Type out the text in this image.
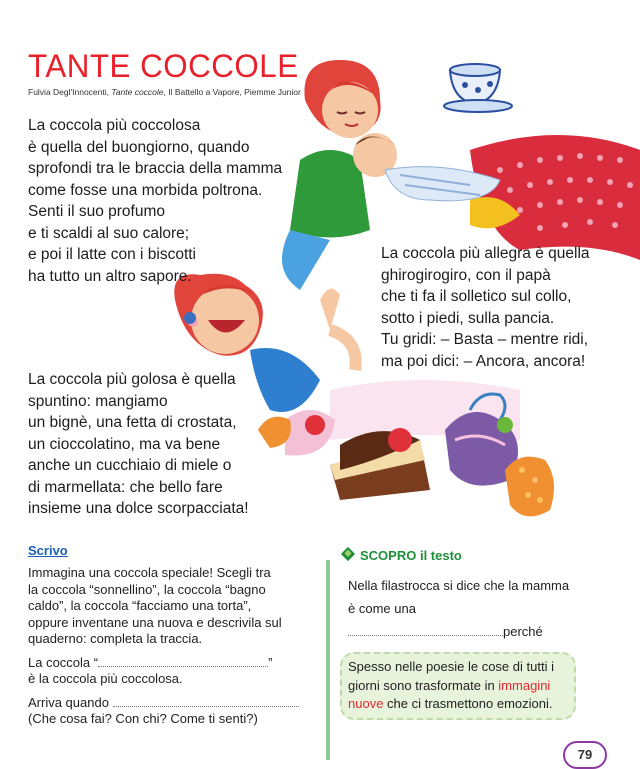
TANTE COCCOLE
Fulvia Degl'Innocenti, Tante coccole, Il Battello a Vapore, Piemme Junior
La coccola più coccolosa
è quella del buongiorno, quando
sprofondi tra le braccia della mamma
come fosse una morbida poltrona.
Senti il suo profumo
e ti scaldi al suo calore;
e poi il latte con i biscotti
ha tutto un altro sapore.
La coccola più allegra è quella
ghirogirogiro, con il papà
che ti fa il solletico sul collo,
sotto i piedi, sulla pancia.
Tu gridi: – Basta – mentre ridi,
ma poi dici: – Ancora, ancora!
La coccola più golosa è quella
spuntino: mangiamo
un bignè, una fetta di crostata,
un cioccolatino, ma va bene
anche un cucchiaio di miele o
di marmellata: che bello fare
insieme una dolce scorpacciata!
Scrivo
Immagina una coccola speciale! Scegli tra
la coccola “sonnellino”, la coccola “bagno
caldo”, la coccola “facciamo una torta”,
oppure inventane una nuova e descrivila sul
quaderno: completa la traccia.
La coccola “	”
è la coccola più coccolosa.
Arriva quando
(Che cosa fai? Con chi? Come ti senti?)
SCOPRO il testo
Nella filastrocca si dice che la mamma
è come una
perché
Spesso nelle poesie le cose di tutti i giorni sono trasformate in immagini nuove che ci trasmettono emozioni.
79
